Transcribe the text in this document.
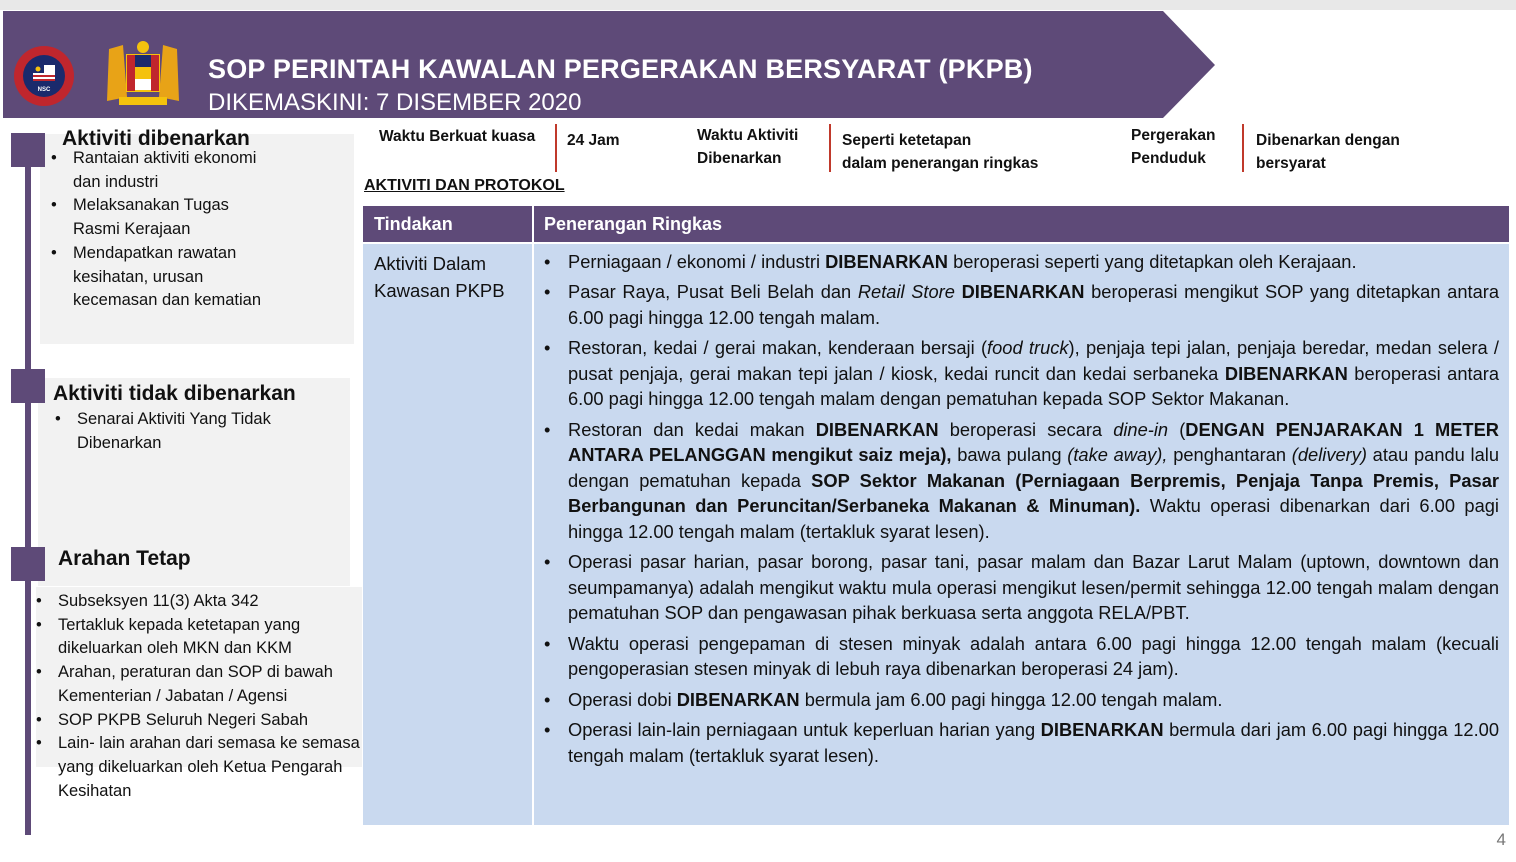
NSC
SOP PERINTAH KAWALAN PERGERAKAN BERSYARAT (PKPB)
DIKEMASKINI: 7 DISEMBER 2020
Aktiviti dibenarkan
• Rantaian aktiviti ekonomi dan industri
• Melaksanakan Tugas Rasmi Kerajaan
• Mendapatkan rawatan kesihatan, urusan kecemasan dan kematian
Aktiviti tidak dibenarkan
• Senarai Aktiviti Yang Tidak Dibenarkan
Arahan Tetap
• Subseksyen 11(3) Akta 342
• Tertakluk kepada ketetapan yang dikeluarkan oleh MKN dan KKM
• Arahan, peraturan dan SOP di bawah Kementerian / Jabatan / Agensi
• SOP PKPB Seluruh Negeri Sabah
• Lain- lain arahan dari semasa ke semasa yang dikeluarkan oleh Ketua Pengarah Kesihatan
Waktu Berkuat kuasa 24 Jam	Waktu Aktiviti
Dibenarkan
Seperti ketetapan
dalam penerangan ringkas
Pergerakan
Penduduk
Dibenarkan dengan
bersyarat
AKTIVITI DAN PROTOKOL
Tindakan	Penerangan Ringkas
Aktiviti Dalam
Kawasan PKPB
• Perniagaan / ekonomi / industri DIBENARKAN beroperasi seperti yang ditetapkan oleh Kerajaan.
• Pasar Raya, Pusat Beli Belah dan Retail Store DIBENARKAN beroperasi mengikut SOP yang ditetapkan antara 6.00 pagi hingga 12.00 tengah malam.
• Restoran, kedai / gerai makan, kenderaan bersaji (food truck), penjaja tepi jalan, penjaja beredar, medan selera / pusat penjaja, gerai makan tepi jalan / kiosk, kedai runcit dan kedai serbaneka DIBENARKAN beroperasi antara 6.00 pagi hingga 12.00 tengah malam dengan pematuhan kepada SOP Sektor Makanan.
• Restoran dan kedai makan DIBENARKAN beroperasi secara dine-in (DENGAN PENJARAKAN 1 METER ANTARA PELANGGAN mengikut saiz meja), bawa pulang (take away), penghantaran (delivery) atau pandu lalu dengan pematuhan kepada SOP Sektor Makanan (Perniagaan Berpremis, Penjaja Tanpa Premis, Pasar Berbangunan dan Peruncitan/Serbaneka Makanan & Minuman). Waktu operasi dibenarkan dari 6.00 pagi hingga 12.00 tengah malam (tertakluk syarat lesen).
• Operasi pasar harian, pasar borong, pasar tani, pasar malam dan Bazar Larut Malam (uptown, downtown dan seumpamanya) adalah mengikut waktu mula operasi mengikut lesen/permit sehingga 12.00 tengah malam dengan pematuhan SOP dan pengawasan pihak berkuasa serta anggota RELA/PBT.
• Waktu operasi pengepaman di stesen minyak adalah antara 6.00 pagi hingga 12.00 tengah malam (kecuali pengoperasian stesen minyak di lebuh raya dibenarkan beroperasi 24 jam).
• Operasi dobi DIBENARKAN bermula jam 6.00 pagi hingga 12.00 tengah malam.
• Operasi lain-lain perniagaan untuk keperluan harian yang DIBENARKAN bermula dari jam 6.00 pagi hingga 12.00 tengah malam (tertakluk syarat lesen).
4
